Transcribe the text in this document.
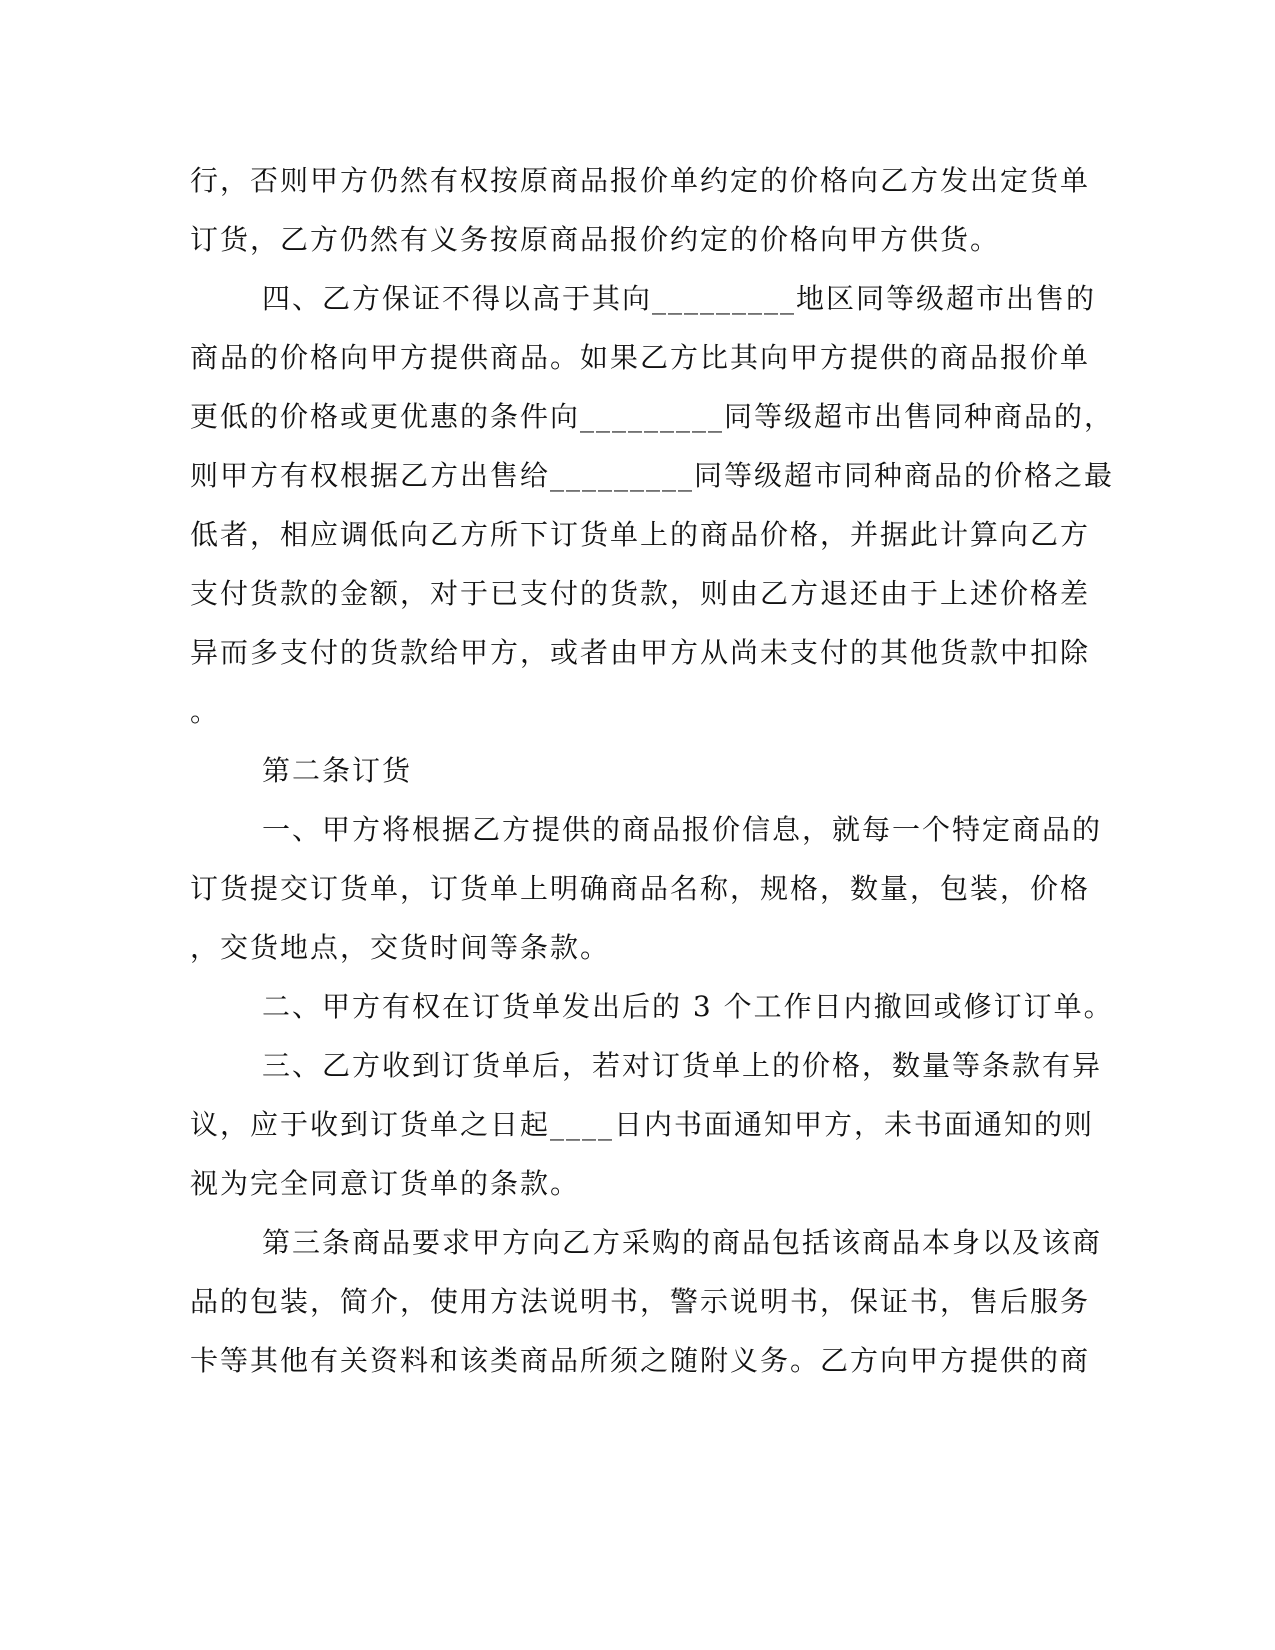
行，否则甲方仍然有权按原商品报价单约定的价格向乙方发出定货单

订货，乙方仍然有义务按原商品报价约定的价格向甲方供货。

四、乙方保证不得以高于其向_________地区同等级超市出售的

商品的价格向甲方提供商品。如果乙方比其向甲方提供的商品报价单

更低的价格或更优惠的条件向_________同等级超市出售同种商品的，

则甲方有权根据乙方出售给_________同等级超市同种商品的价格之最

低者，相应调低向乙方所下订货单上的商品价格，并据此计算向乙方

支付货款的金额，对于已支付的货款，则由乙方退还由于上述价格差

异而多支付的货款给甲方，或者由甲方从尚未支付的其他货款中扣除

。

第二条订货

一、甲方将根据乙方提供的商品报价信息，就每一个特定商品的

订货提交订货单，订货单上明确商品名称，规格，数量，包装，价格

，交货地点，交货时间等条款。

二、甲方有权在订货单发出后的 3 个工作日内撤回或修订订单。

三、乙方收到订货单后，若对订货单上的价格，数量等条款有异

议，应于收到订货单之日起____日内书面通知甲方，未书面通知的则

视为完全同意订货单的条款。

第三条商品要求甲方向乙方采购的商品包括该商品本身以及该商

品的包装，简介，使用方法说明书，警示说明书，保证书，售后服务

卡等其他有关资料和该类商品所须之随附义务。乙方向甲方提供的商
